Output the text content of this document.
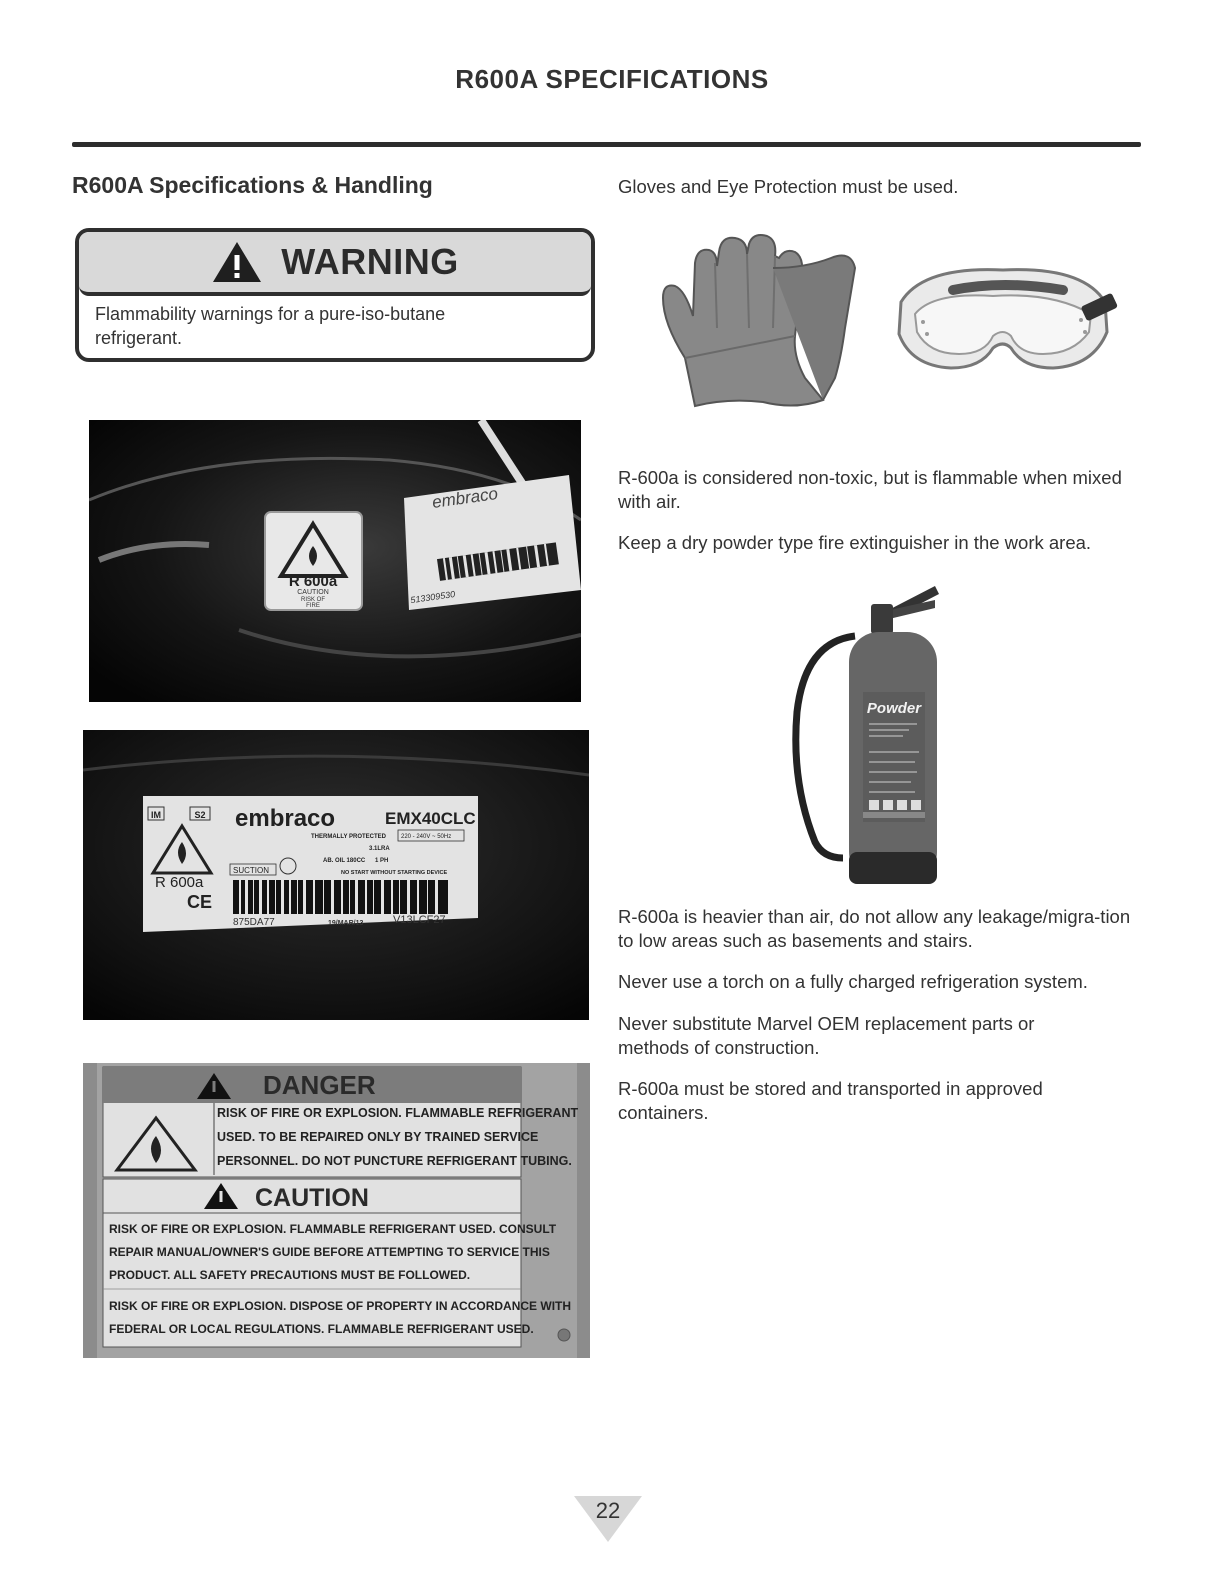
R600A SPECIFICATIONS
R600A Specifications & Handling
WARNING
Flammability warnings for a pure-iso-butane refrigerant.
R 600a
CAUTION
RISK OF
FIRE
embraco
513309530
IM	S2
R 600a
CE
embraco	EMX40CLC
THERMALLY PROTECTED 220 - 240V ~ 50Hz
3.1LRA
AB. OIL 180CC 1 PH
NO START WITHOUT STARTING DEVICE
SUCTION
875DA77	19/MAR/13	V13LCF27
DANGER
RISK OF FIRE OR EXPLOSION. FLAMMABLE REFRIGERANT
USED. TO BE REPAIRED ONLY BY TRAINED SERVICE
PERSONNEL. DO NOT PUNCTURE REFRIGERANT TUBING.
CAUTION
RISK OF FIRE OR EXPLOSION. FLAMMABLE REFRIGERANT USED. CONSULT
REPAIR MANUAL/OWNER'S GUIDE BEFORE ATTEMPTING TO SERVICE THIS
PRODUCT. ALL SAFETY PRECAUTIONS MUST BE FOLLOWED.
RISK OF FIRE OR EXPLOSION. DISPOSE OF PROPERTY IN ACCORDANCE WITH
FEDERAL OR LOCAL REGULATIONS. FLAMMABLE REFRIGERANT USED.
Gloves and Eye Protection must be used.
R-600a is considered non-toxic, but is flammable when mixed with air.
Keep a dry powder type fire extinguisher in the work area.
Powder
R-600a is heavier than air, do not allow any leakage/migra-tion to low areas such as basements and stairs.
Never use a torch on a fully charged refrigeration system.
Never substitute Marvel OEM replacement parts or methods of construction.
R-600a must be stored and transported in approved containers.
22
